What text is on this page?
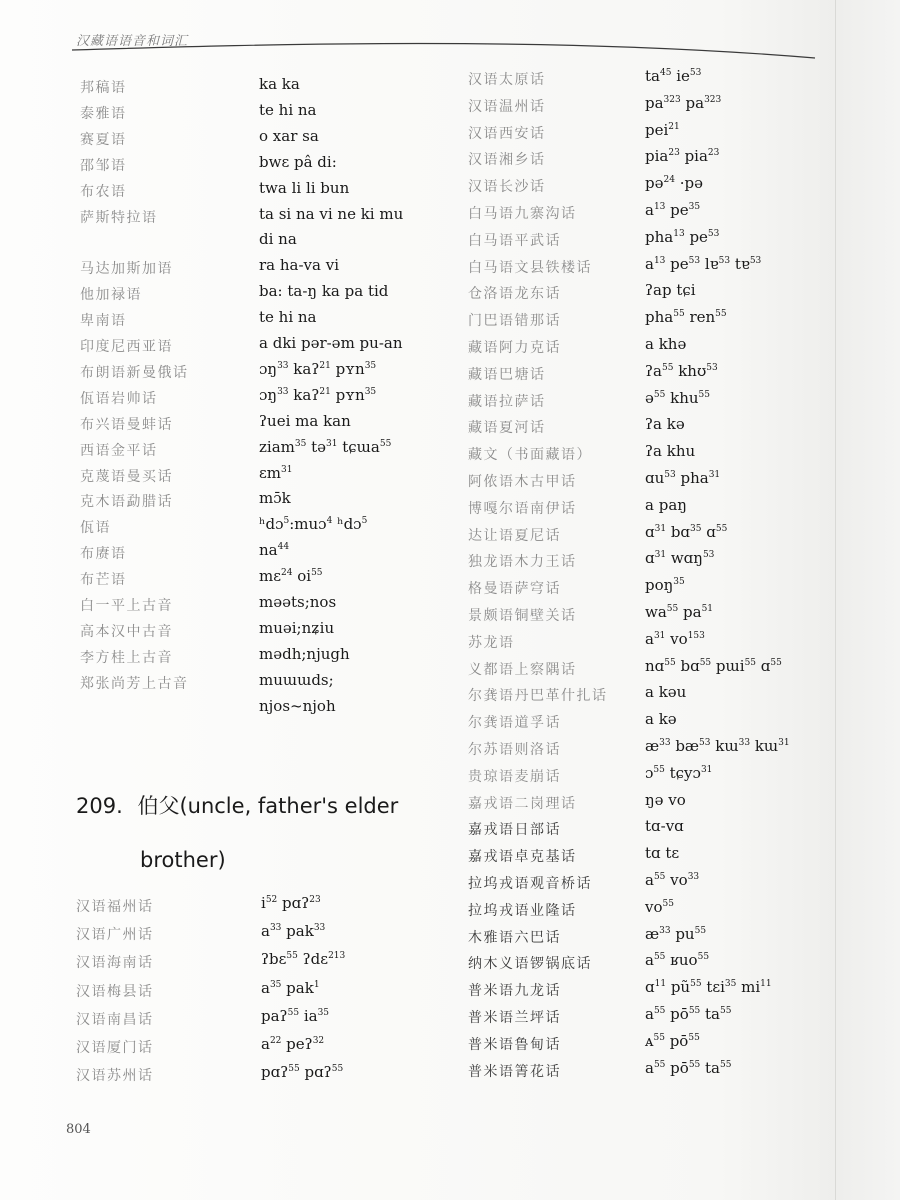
汉藏语语音和词汇
邦稿语	ka ka
泰雅语	te hi na
赛夏语	o xar sa
邵邹语	bwɛ pâ di:
布农语	twa li li bun
萨斯特拉语	ta si na vi ne ki mu
di na
马达加斯加语	ra ha-va vi
他加禄语	ba: ta-ŋ ka pa tid
卑南语	te hi na
印度尼西亚语	a dki pər-əm pu-an
布朗语新曼俄话	ɔŋ$^{33}$ kaʔ$^{21}$ pʏn$^{35}$
佤语岩帅话	ɔŋ$^{33}$ kaʔ$^{21}$ pʏn$^{35}$
布兴语曼蚌话	ʔuei ma kan
西语金平话	ziam$^{35}$ tə$^{31}$ tɕɯa$^{55}$
克蔑语曼买话	ɛm$^{31}$
克木语勐腊话	mɔ̄k
佤语	ʰdɔ$^5$:muɔ$^4$ ʰdɔ$^5$
布赓语	$na^{44}$
布芒语	mɛ$^{24}$ $oi^{55}$
白一平上古音	məəts;nos
高本汉中古音	muəi;nʑiu
李方桂上古音	mədh;njugh
郑张尚芳上古音	muɯɯds;
njos~njoh
209. 伯父(uncle, father's elder
brother)
汉语福州话	$i^{52}$ pɑʔ$^{23}$
汉语广州话	$a^{33}$ pak$^{33}$
汉语海南话	ʔbɛ$^{55}$ ʔdɛ$^{213}$
汉语梅县话	$a^{35}$ pak$^1$
汉语南昌话	paʔ$^{55}$ $ia^{35}$
汉语厦门话	$a^{22}$ peʔ$^{32}$
汉语苏州话	pɑʔ$^{55}$ pɑʔ$^{55}$
汉语太原话	$ta^{45}$ $ie^{53}$
汉语温州话	$pa^{323}$ $pa^{323}$
汉语西安话	pei$^{21}$
汉语湘乡话	pia$^{23}$ pia$^{23}$
汉语长沙话	pə$^{24}$ ·pə
白马语九寨沟话	$a^{13}$ $pe^{35}$
白马语平武话	pha$^{13}$ $pe^{53}$
白马语文县铁楼话	$a^{13}$ $pe^{53}$ lɐ$^{53}$ tɐ$^{53}$
仓洛语龙东话	ʔap tɕi
门巴语错那话	pha$^{55}$ ren$^{55}$
藏语阿力克话	a khə
藏语巴塘话	ʔa$^{55}$ khʊ$^{53}$
藏语拉萨话	ə$^{55}$ khu$^{55}$
藏语夏河话	ʔa kə
藏文（书面藏语）	ʔa khu
阿侬语木古甲话	ɑu$^{53}$ pha$^{31}$
博嘎尔语南伊话	a paŋ
达让语夏尼话	ɑ$^{31}$ bɑ$^{35}$ ɑ$^{55}$
独龙语木力王话	ɑ$^{31}$ wɑŋ$^{53}$
格曼语萨穹话	poŋ$^{35}$
景颇语铜壁关话	$wa^{55}$ $pa^{51}$
苏龙语	$a^{31}$ $vo^{153}$
义都语上察隅话	nɑ$^{55}$ bɑ$^{55}$ pɯi$^{55}$ ɑ$^{55}$
尔龚语丹巴革什扎话	a kəu
尔龚语道孚话	a kə
尔苏语则洛话	$æ^{33}$ $bæ^{53}$ kɯ$^{33}$ kɯ$^{31}$
贵琼语麦崩话	ɔ$^{55}$ tɕyɔ$^{31}$
嘉戎语二岗理话	ŋə vo
嘉戎语日部话	tɑ-vɑ
嘉戎语卓克基话	tɑ tɛ
拉坞戎语观音桥话	$a^{55}$ $vo^{33}$
拉坞戎语业隆话	$vo^{55}$
木雅语六巴话	$æ^{33}$ $pu^{55}$
纳木义语锣锅底话	$a^{55}$ ʁuo$^{55}$
普米语九龙话	ɑ$^{11}$ $pũ^{55}$ tɛi$^{35}$ $mi^{11}$
普米语兰坪话	$a^{55}$ $pō^{55}$ $ta^{55}$
普米语鲁甸话	ᴀ$^{55}$ $pō^{55}$
普米语箐花话	$a^{55}$ $pō^{55}$ $ta^{55}$
804
